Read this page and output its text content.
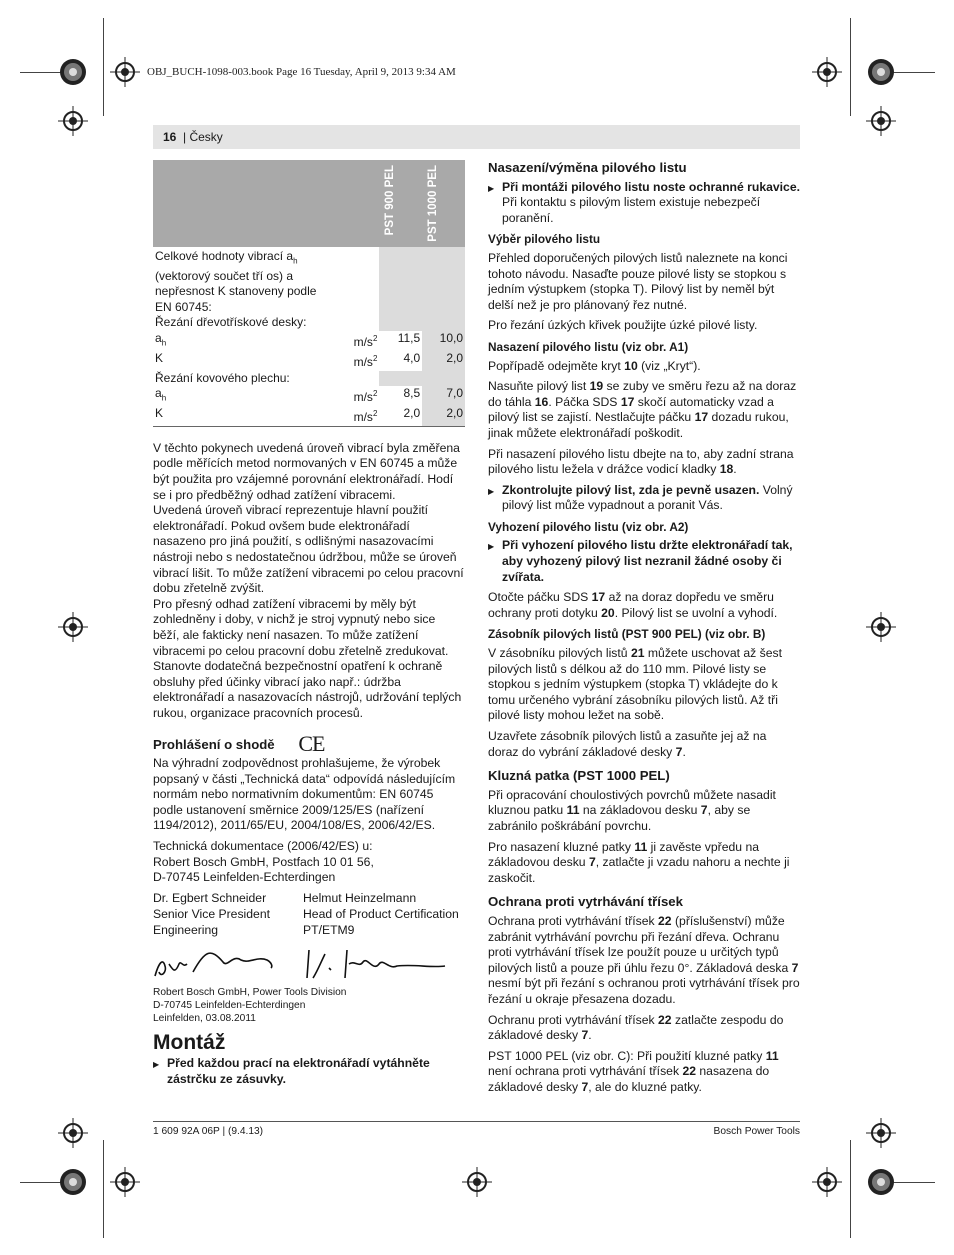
OBJ_BUCH-1098-003.book Page 16 Tuesday, April 9, 2013 9:34 AM
16 | Česky

		PST 900 PEL	PST 1000 PEL

Celkové hodnoty vibrací $a_h$
(vektorový součet tří os) a
nepřesnost K stanoveny podle
EN 60745:
Řezání dřevotřískové desky:			
$a_h$	$m/s^2$	11,5	10,0
K	$m/s^2$	4,0	2,0
Řezání kovového plechu:			
$a_h$	$m/s^2$	8,5	7,0
K	$m/s^2$	2,0	2,0

V těchto pokynech uvedená úroveň vibrací byla změřena podle měřících metod normovaných v EN 60745 a může být použita pro vzájemné porovnání elektronářadí. Hodí se i pro předběžný odhad zatížení vibracemi.

Uvedená úroveň vibrací reprezentuje hlavní použití elektronářadí. Pokud ovšem bude elektronářadí nasazeno pro jiná použití, s odlišnými nasazovacími nástroji nebo s nedostatečnou údržbou, může se úroveň vibrací lišit. To může zatížení vibracemi po celou pracovní dobu zřetelně zvýšit.

Pro přesný odhad zatížení vibracemi by měly být zohledněny i doby, v nichž je stroj vypnutý nebo sice běží, ale fakticky není nasazen. To může zatížení vibracemi po celou pracovní dobu zřetelně zredukovat.

Stanovte dodatečná bezpečnostní opatření k ochraně obsluhy před účinky vibrací jako např.: údržba elektronářadí a nasazovacích nástrojů, udržování teplých rukou, organizace pracovních procesů.

Prohlášení o shodě CE

Na výhradní zodpovědnost prohlašujeme, že výrobek popsaný v části „Technická data“ odpovídá následujícím normám nebo normativním dokumentům: EN 60745 podle ustanovení směrnice 2009/125/ES (nařízení 1194/2012), 2011/65/EU, 2004/108/ES, 2006/42/ES.

Technická dokumentace (2006/42/ES) u:
Robert Bosch GmbH, Postfach 10 01 56,
D-70745 Leinfelden-Echterdingen

Dr. Egbert Schneider
Senior Vice President
Engineering	Helmut Heinzelmann
Head of Product Certification
PT/ETM9
Robert Bosch GmbH, Power Tools Division
D-70745 Leinfelden-Echterdingen
Leinfelden, 03.08.2011
Montáž
▶ Před každou prací na elektronářadí vytáhněte zástrčku ze zásuvky.
Nasazení/výměna pilového listu
▶ Při montáži pilového listu noste ochranné rukavice. Při kontaktu s pilovým listem existuje nebezpečí poranění.
Výběr pilového listu

Přehled doporučených pilových listů naleznete na konci tohoto návodu. Nasaďte pouze pilové listy se stopkou s jedním výstupkem (stopka T). Pilový list by neměl být delší než je pro plánovaný řez nutné.

Pro řezání úzkých křivek použijte úzké pilové listy.

Nasazení pilového listu (viz obr. A1)

Popřípadě odejměte kryt 10 (viz „Kryt“).

Nasuňte pilový list 19 se zuby ve směru řezu až na doraz do táhla 16. Páčka SDS 17 skočí automaticky vzad a pilový list se zajistí. Nestlačujte páčku 17 dozadu rukou, jinak můžete elektronářadí poškodit.

Při nasazení pilového listu dbejte na to, aby zadní strana pilového listu ležela v drážce vodicí kladky 18.

▶ Zkontrolujte pilový list, zda je pevně usazen. Volný pilový list může vypadnout a poranit Vás.
Vyhození pilového listu (viz obr. A2)
▶ Při vyhození pilového listu držte elektronářadí tak, aby vyhozený pilový list nezranil žádné osoby či zvířata.

Otočte páčku SDS 17 až na doraz dopředu ve směru ochrany proti dotyku 20. Pilový list se uvolní a vyhodí.

Zásobník pilových listů (PST 900 PEL) (viz obr. B)

V zásobníku pilových listů 21 můžete uschovat až šest pilových listů s délkou až do 110 mm. Pilové listy se stopkou s jedním výstupkem (stopka T) vkládejte do k tomu určeného vybrání zásobníku pilových listů. Až tři pilové listy mohou ležet na sobě.

Uzavřete zásobník pilových listů a zasuňte jej až na doraz do vybrání základové desky 7.

Kluzná patka (PST 1000 PEL)

Při opracování choulostivých povrchů můžete nasadit kluznou patku 11 na základovou desku 7, aby se zabránilo poškrábání povrchu.

Pro nasazení kluzné patky 11 ji zavěste vpředu na základovou desku 7, zatlačte ji vzadu nahoru a nechte ji zaskočit.

Ochrana proti vytrhávání třísek

Ochrana proti vytrhávání třísek 22 (příslušenství) může zabránit vytrhávání povrchu při řezání dřeva. Ochranu proti vytrhávání třísek lze použít pouze u určitých typů pilových listů a pouze při úhlu řezu 0°. Základová deska 7 nesmí být při řezání s ochranou proti vytrhávání třísek pro řezání u okraje přesazena dozadu.

Ochranu proti vytrhávání třísek 22 zatlačte zespodu do základové desky 7.

PST 1000 PEL (viz obr. C): Při použití kluzné patky 11 není ochrana proti vytrhávání třísek 22 nasazena do základové desky 7, ale do kluzné patky.

1 609 92A 06P | (9.4.13)	Bosch Power Tools
